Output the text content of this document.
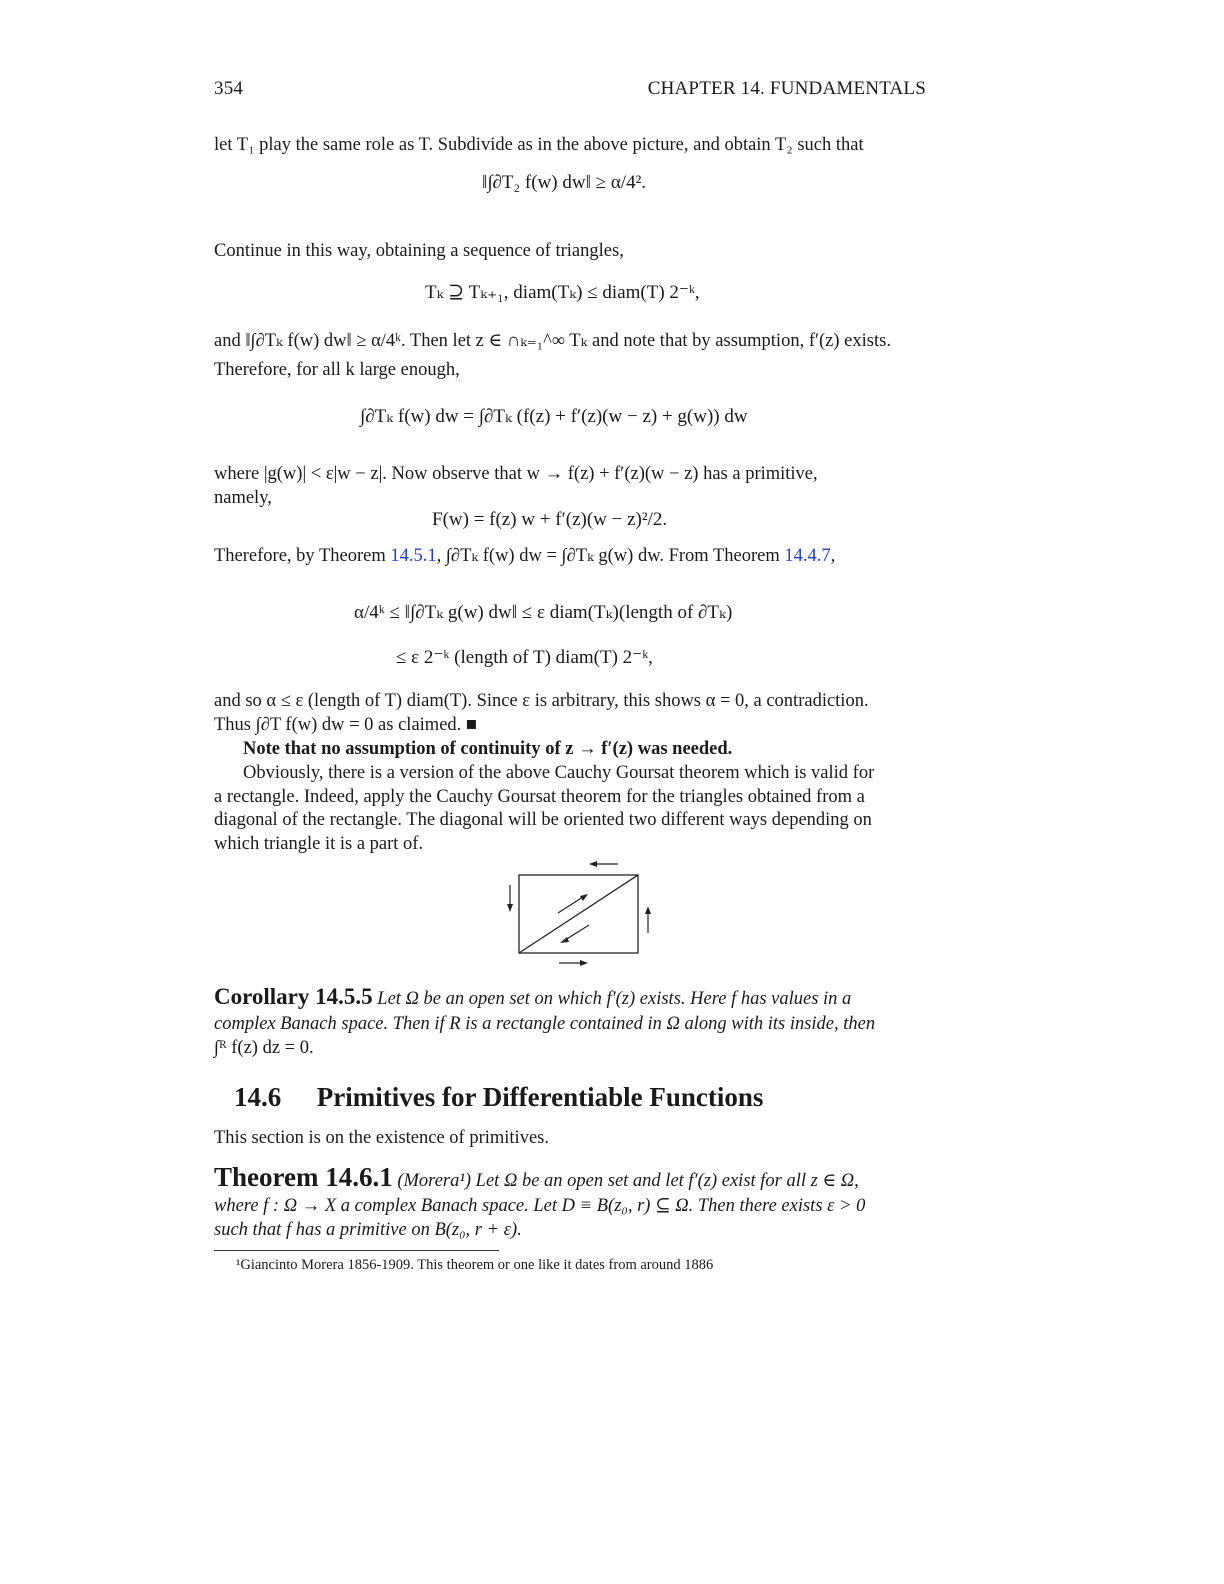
354	CHAPTER 14. FUNDAMENTALS
let T₁ play the same role as T. Subdivide as in the above picture, and obtain T₂ such that
‖∫∂T₂ f(w) dw‖ ≥ α/4².
Continue in this way, obtaining a sequence of triangles,
Tₖ ⊇ Tₖ₊₁, diam(Tₖ) ≤ diam(T) 2⁻ᵏ,
and ‖∫∂Tₖ f(w) dw‖ ≥ α/4ᵏ. Then let z ∈ ∩ₖ₌₁^∞ Tₖ and note that by assumption, f′(z) exists.
Therefore, for all k large enough,
∫∂Tₖ f(w) dw = ∫∂Tₖ (f(z) + f′(z)(w − z) + g(w)) dw
where |g(w)| < ε|w − z|. Now observe that w → f(z) + f′(z)(w − z) has a primitive,
namely,
F(w) = f(z) w + f′(z)(w − z)²/2.
Therefore, by Theorem 14.5.1, ∫∂Tₖ f(w) dw = ∫∂Tₖ g(w) dw. From Theorem 14.4.7,
α/4ᵏ ≤ ‖∫∂Tₖ g(w) dw‖ ≤ ε diam(Tₖ)(length of ∂Tₖ)
≤ ε 2⁻ᵏ (length of T) diam(T) 2⁻ᵏ,
and so α ≤ ε (length of T) diam(T). Since ε is arbitrary, this shows α = 0, a contradiction.
Thus ∫∂T f(w) dw = 0 as claimed. ■
Note that no assumption of continuity of z → f′(z) was needed.
Obviously, there is a version of the above Cauchy Goursat theorem which is valid for
a rectangle. Indeed, apply the Cauchy Goursat theorem for the triangles obtained from a
diagonal of the rectangle. The diagonal will be oriented two different ways depending on
which triangle it is a part of.
Corollary 14.5.5 Let Ω be an open set on which f′(z) exists. Here f has values in a
complex Banach space. Then if R is a rectangle contained in Ω along with its inside, then
∫ᴿ f(z) dz = 0.
14.6 Primitives for Differentiable Functions
This section is on the existence of primitives.
Theorem 14.6.1 (Morera¹) Let Ω be an open set and let f′(z) exist for all z ∈ Ω,
where f : Ω → X a complex Banach space. Let D ≡ B(z₀, r) ⊆ Ω. Then there exists ε > 0
such that f has a primitive on B(z₀, r + ε).
¹Giancinto Morera 1856-1909. This theorem or one like it dates from around 1886
